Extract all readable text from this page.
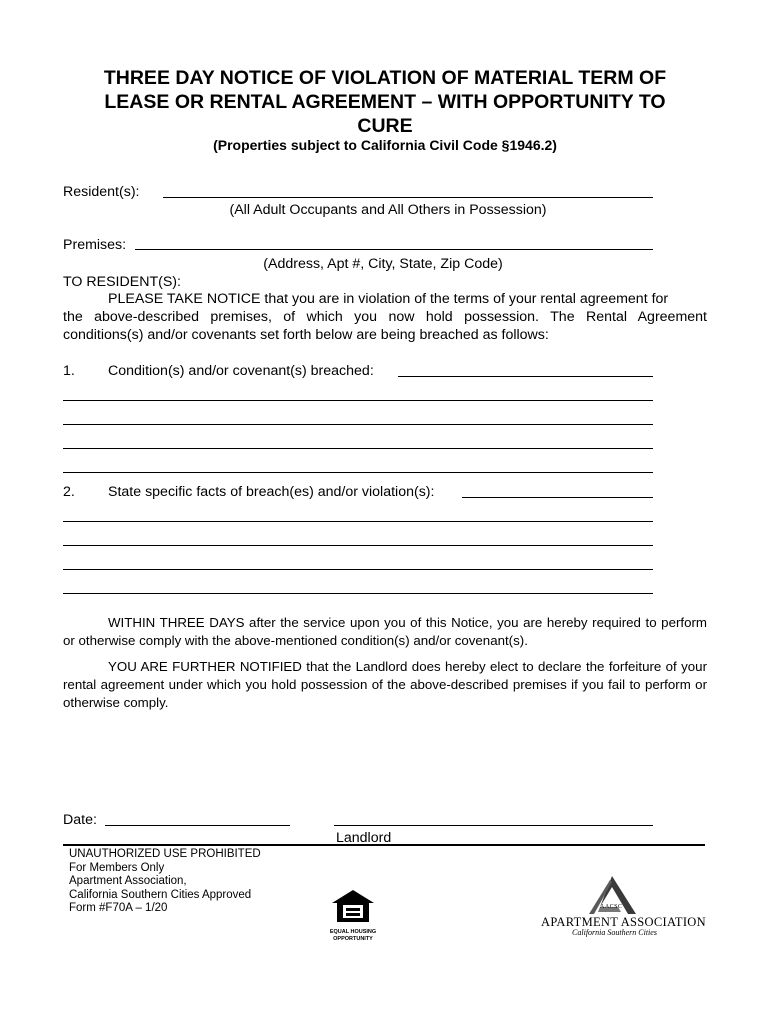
THREE DAY NOTICE OF VIOLATION OF MATERIAL TERM OF
LEASE OR RENTAL AGREEMENT – WITH OPPORTUNITY TO
CURE
(Properties subject to California Civil Code §1946.2)
Resident(s):
(All Adult Occupants and All Others in Possession)
Premises:
(Address, Apt #, City, State, Zip Code)
TO RESIDENT(S):
PLEASE TAKE NOTICE that you are in violation of the terms of your rental agreement for
the above-described premises, of which you now hold possession. The Rental Agreement
conditions(s) and/or covenants set forth below are being breached as follows:
1. Condition(s) and/or covenant(s) breached:
2. State specific facts of breach(es) and/or violation(s):
WITHIN THREE DAYS after the service upon you of this Notice, you are hereby required to perform or otherwise comply with the above-mentioned condition(s) and/or covenant(s).
YOU ARE FURTHER NOTIFIED that the Landlord does hereby elect to declare the forfeiture of your rental agreement under which you hold possession of the above-described premises if you fail to perform or otherwise comply.
Date:
Landlord
UNAUTHORIZED USE PROHIBITED
For Members Only
Apartment Association,
California Southern Cities Approved
Form #F70A – 1/20
EQUAL HOUSING
OPPORTUNITY
AACSC
APARTMENT ASSOCIATION
California Southern Cities
